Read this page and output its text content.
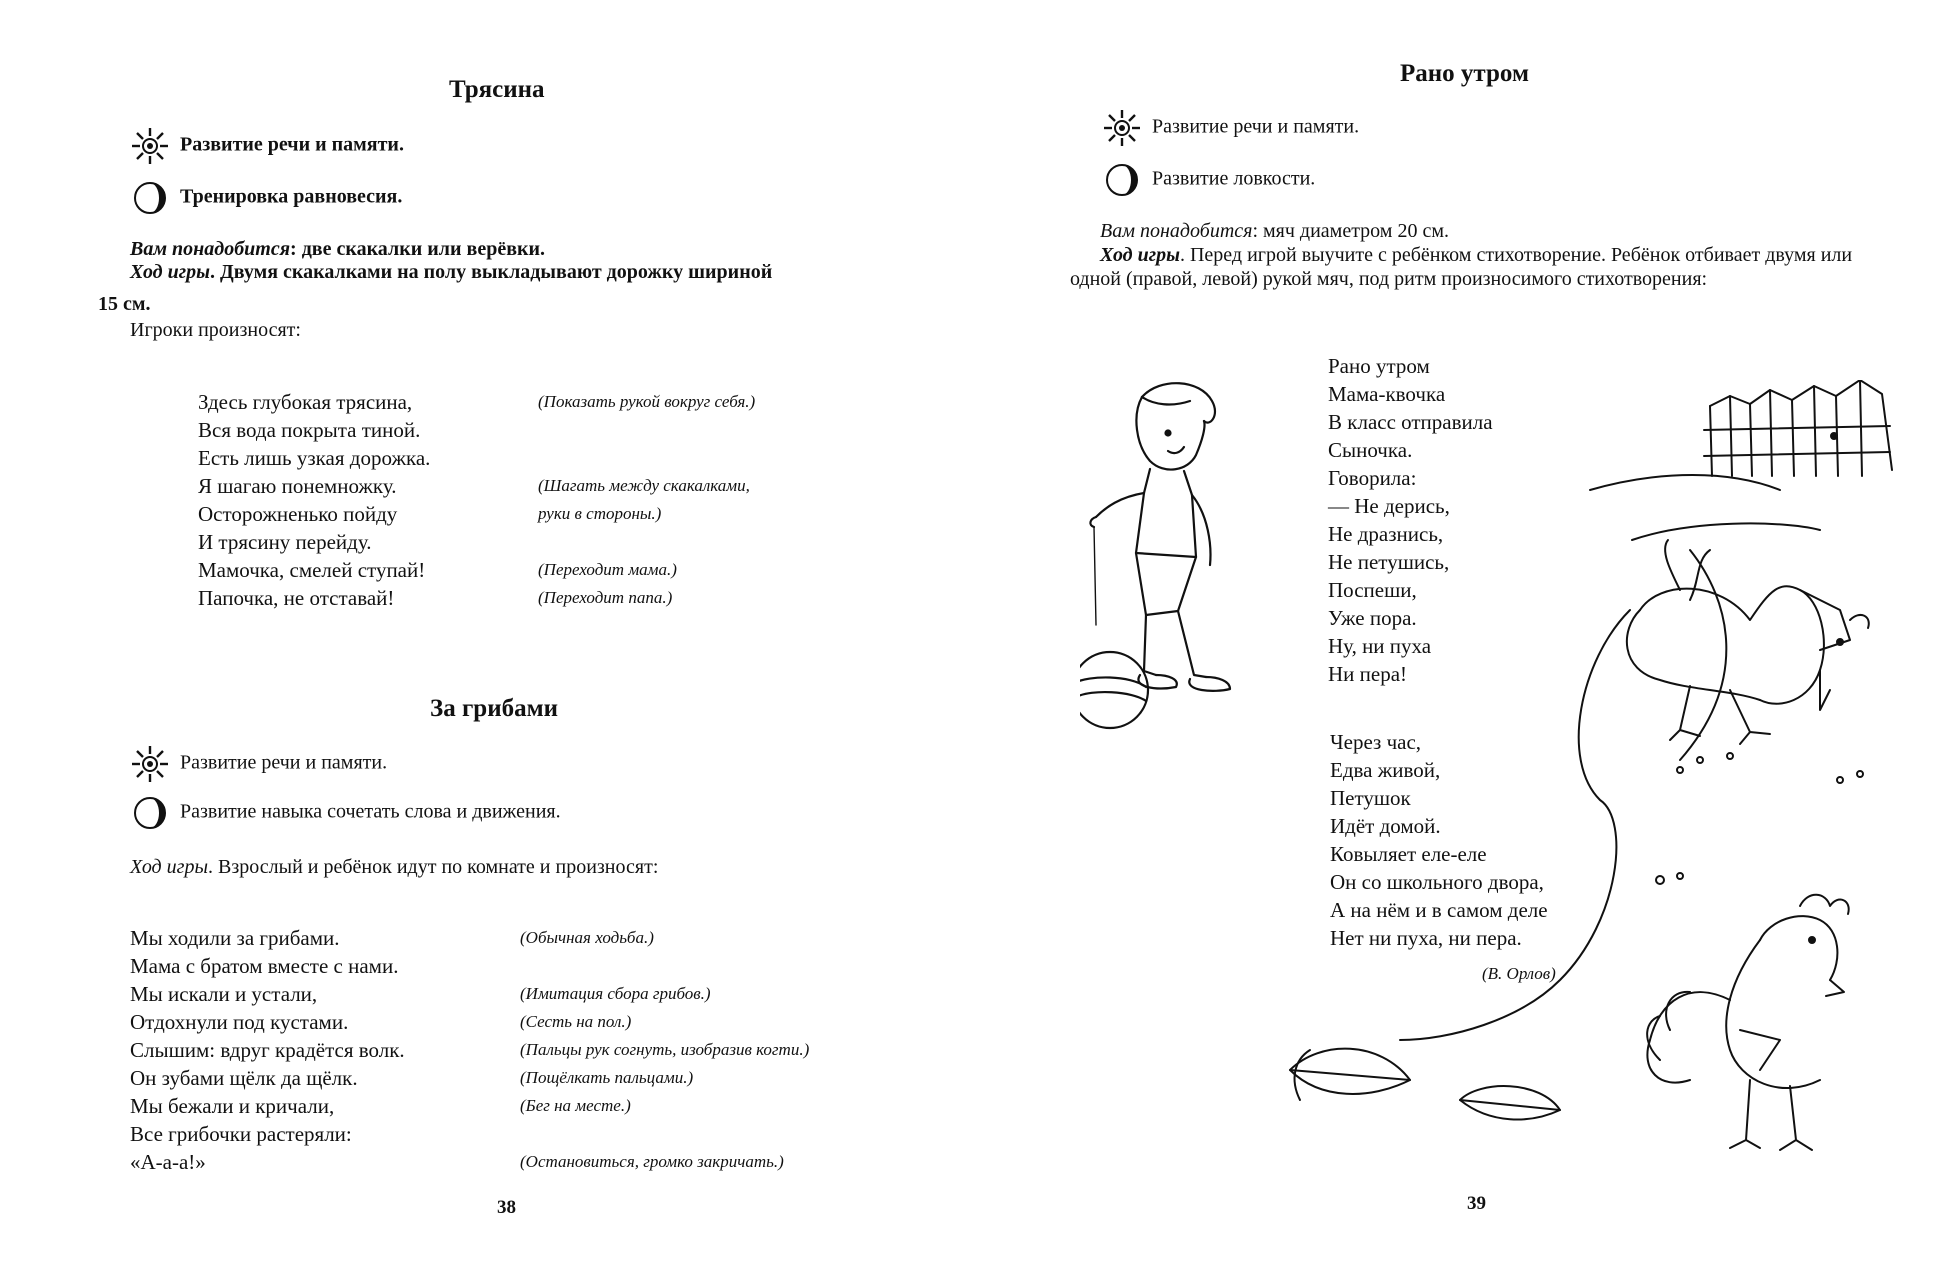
Трясина
Развитие речи и памяти.
Тренировка равновесия.
Вам понадобится: две скакалки или верёвки.
Ход игры. Двумя скакалками на полу выкладывают дорожку шириной
15 см.
Игроки произносят:
Здесь глубокая трясина,
Вся вода покрыта тиной.
Есть лишь узкая дорожка.
Я шагаю понемножку.
Осторожненько пойду
И трясину перейду.
Мамочка, смелей ступай!
Папочка, не отставай!
(Показать рукой вокруг себя.)
(Шагать между скакалками,
руки в стороны.)
(Переходит мама.)
(Переходит папа.)
За грибами
Развитие речи и памяти.
Развитие навыка сочетать слова и движения.
Ход игры. Взрослый и ребёнок идут по комнате и произносят:
Мы ходили за грибами.
Мама с братом вместе с нами.
Мы искали и устали,
Отдохнули под кустами.
Слышим: вдруг крадётся волк.
Он зубами щёлк да щёлк.
Мы бежали и кричали,
Все грибочки растеряли:
«А-а-а!»
(Обычная ходьба.)
(Имитация сбора грибов.)
(Сесть на пол.)
(Пальцы рук согнуть, изобразив когти.)
(Пощёлкать пальцами.)
(Бег на месте.)
(Остановиться, громко закричать.)
38
Рано утром
Развитие речи и памяти.
Развитие ловкости.
Вам понадобится: мяч диаметром 20 см.
Ход игры. Перед игрой выучите с ребёнком стихотворение. Ребёнок отбивает двумя или одной (правой, левой) рукой мяч, под ритм произносимого стихотворения:
Рано утром
Мама-квочка
В класс отправила
Сыночка.
Говорила:
— Не дерись,
Не дразнись,
Не петушись,
Поспеши,
Уже пора.
Ну, ни пуха
Ни пера!
Через час,
Едва живой,
Петушок
Идёт домой.
Ковыляет еле-еле
Он со школьного двора,
А на нём и в самом деле
Нет ни пуха, ни пера.
(В. Орлов)
39
